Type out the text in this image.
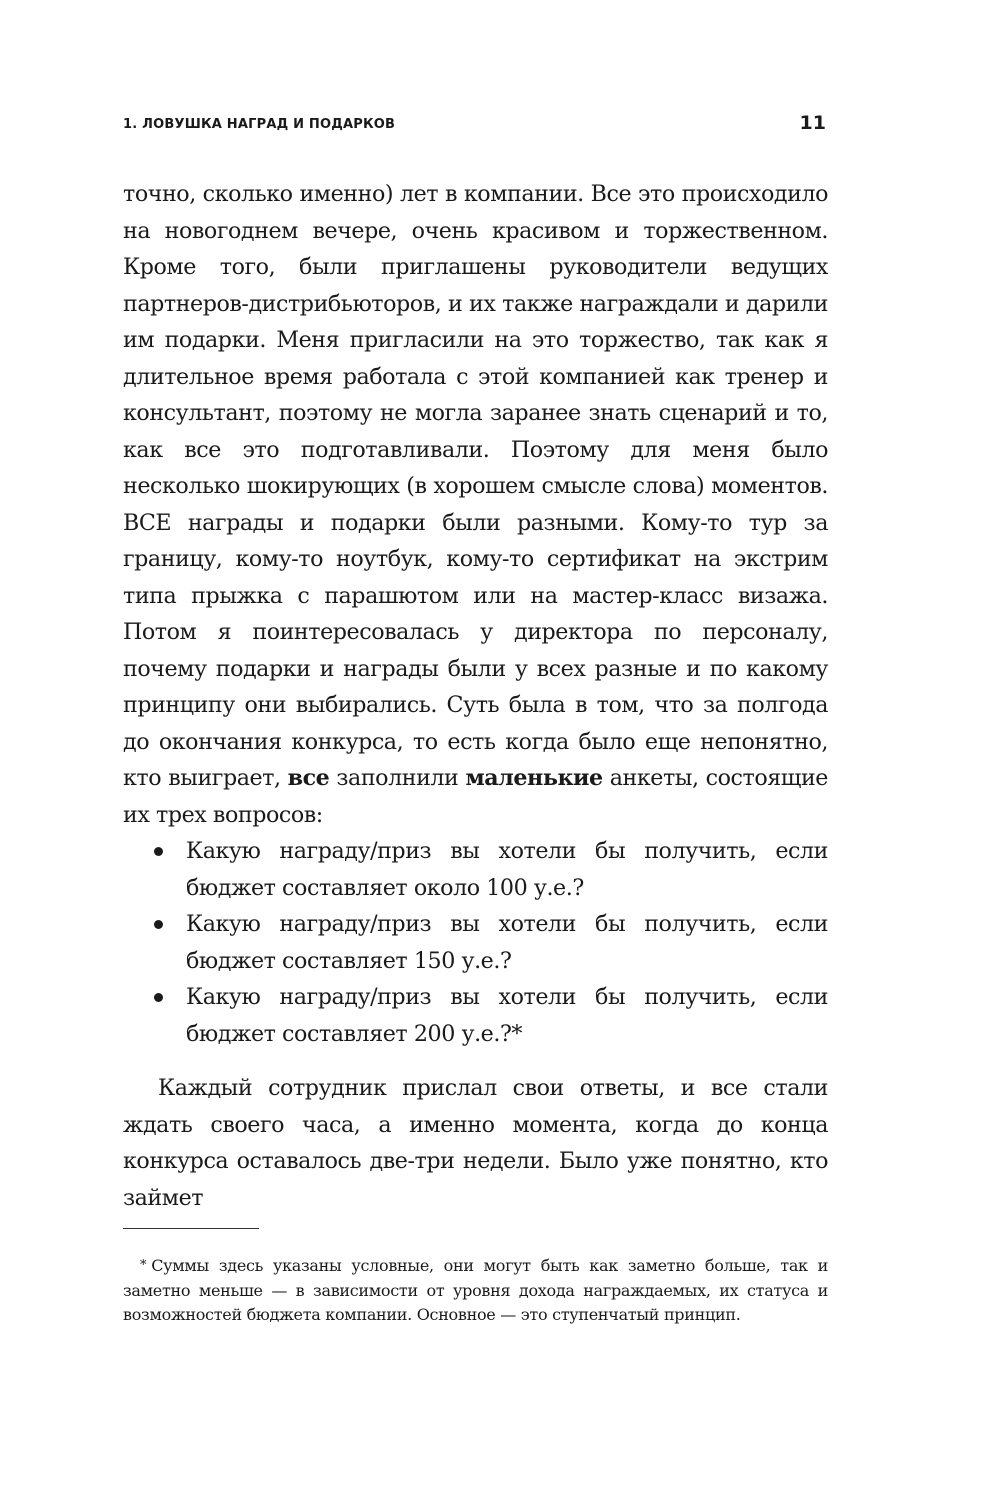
1. ЛОВУШКА НАГРАД И ПОДАРКОВ	11

точно, сколько именно) лет в компании. Все это происходило на новогоднем вечере, очень красивом и торжественном. Кроме того, были приглашены руководители ведущих партнеров-дистрибьюторов, и их также награждали и дарили им подарки. Меня пригласили на это торжество, так как я длительное время работала с этой компанией как тренер и консультант, поэтому не могла заранее знать сценарий и то, как все это подготавливали. Поэтому для меня было несколько шокирующих (в хорошем смысле слова) моментов. ВСЕ награды и подарки были разными. Кому-то тур за границу, кому-то ноутбук, кому-то сертификат на экстрим типа прыжка с парашютом или на мастер-класс визажа. Потом я поинтересовалась у директора по персоналу, почему подарки и награды были у всех разные и по какому принципу они выбирались. Суть была в том, что за полгода до окончания конкурса, то есть когда было еще непонятно, кто выиграет, все заполнили маленькие анкеты, состоящие их трех вопросов:

Какую награду/приз вы хотели бы получить, если бюджет составляет около 100 у.е.?
Какую награду/приз вы хотели бы получить, если бюджет составляет 150 у.е.?
Какую награду/приз вы хотели бы получить, если бюджет составляет 200 у.е.?*

Каждый сотрудник прислал свои ответы, и все стали ждать своего часа, а именно момента, когда до конца конкурса оставалось две-три недели. Было уже понятно, кто займет

* Суммы здесь указаны условные, они могут быть как заметно больше, так и заметно меньше — в зависимости от уровня дохода награждаемых, их статуса и возможностей бюджета компании. Основное — это ступенчатый принцип.
